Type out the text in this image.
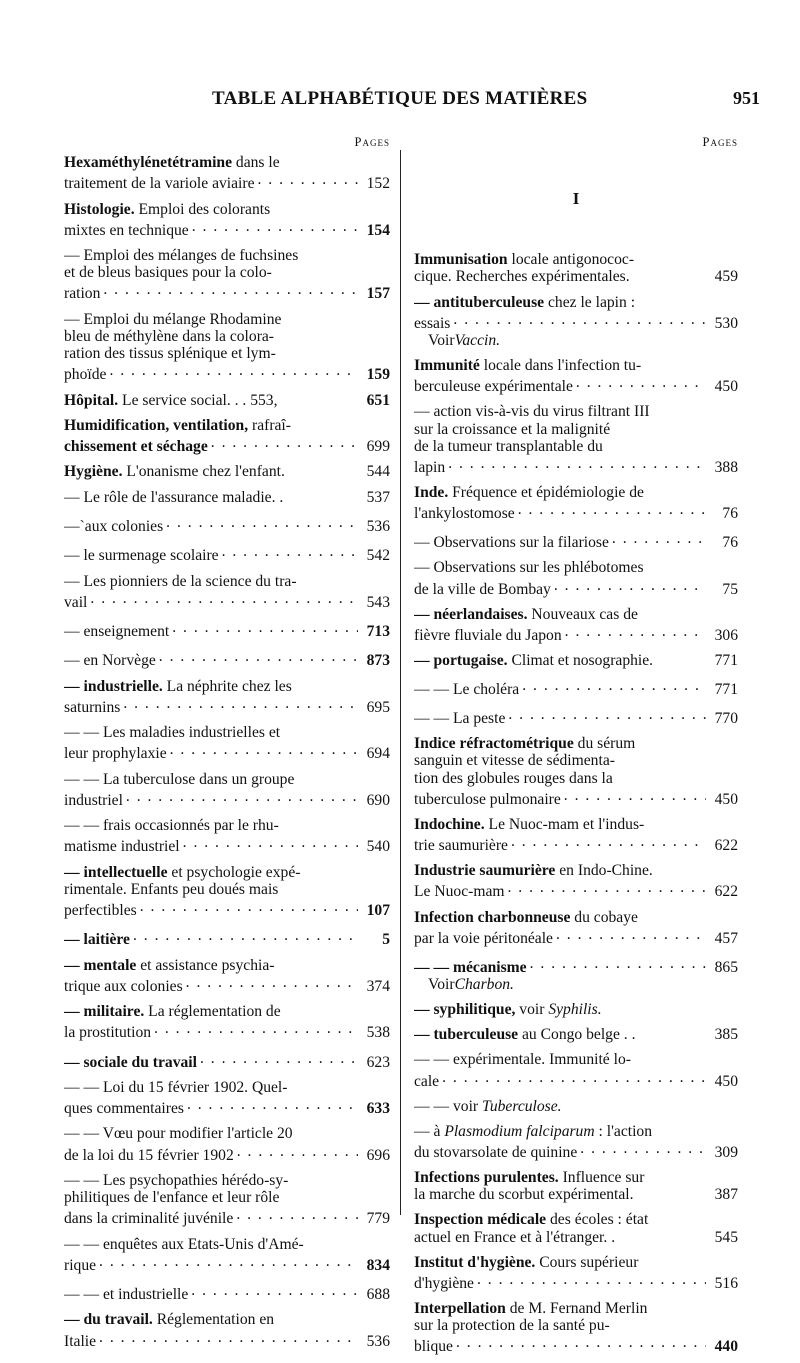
TABLE ALPHABÉTIQUE DES MATIÈRES	951
Pages
Hexaméthylénetétramine dans le
traitement de la variole aviaire . . .	152
Histologie. Emploi des colorants
mixtes en technique . . .	154
— Emploi des mélanges de fuchsines
et de bleus basiques pour la colo-
ration . . .	157
— Emploi du mélange Rhodamine
bleu de méthylène dans la colora-
ration des tissus splénique et lym-
phoïde . . .	159
Hôpital. Le service social. . . 553,	651
Humidification, ventilation, rafraî-
chissement et séchage . . .	699
Hygiène. L'onanisme chez l'enfant.	544
— Le rôle de l'assurance maladie. .	537
—`aux colonies . . .	536
— le surmenage scolaire . . .	542
— Les pionniers de la science du tra-
vail . . .	543
— enseignement . . .	713
— en Norvège . . .	873
— industrielle. La néphrite chez les
saturnins . . .	695
— — Les maladies industrielles et
leur prophylaxie . . .	694
— — La tuberculose dans un groupe
industriel . . .	690
— — frais occasionnés par le rhu-
matisme industriel . . .	540
— intellectuelle et psychologie expé-
rimentale. Enfants peu doués mais
perfectibles . . .	107
— laitière . . .	5
— mentale et assistance psychia-
trique aux colonies . . .	374
— militaire. La réglementation de
la prostitution . . .	538
— sociale du travail . . .	623
— — Loi du 15 février 1902. Quel-
ques commentaires . . .	633
— — Vœu pour modifier l'article 20
de la loi du 15 février 1902 . . .	696
— — Les psychopathies hérédo-sy-
philitiques de l'enfance et leur rôle
dans la criminalité juvénile . . .	779
— — enquêtes aux Etats-Unis d'Amé-
rique . . .	834
— — et industrielle . . .	688
— du travail. Réglementation en
Italie . . .	536
Pages
I
Immunisation locale antigonococ-
cique. Recherches expérimentales.	459
— antituberculeuse chez le lapin :
essais . . .	530
Voir Vaccin.
Immunité locale dans l'infection tu-
berculeuse expérimentale . . .	450
— action vis-à-vis du virus filtrant III
sur la croissance et la malignité
de la tumeur transplantable du
lapin . . .	388
Inde. Fréquence et épidémiologie de
l'ankylostomose . . .	76
— Observations sur la filariose . . .	76
— Observations sur les phlébotomes
de la ville de Bombay . . .	75
— néerlandaises. Nouveaux cas de
fièvre fluviale du Japon . . .	306
— portugaise. Climat et nosographie.	771
— — Le choléra . . .	771
— — La peste . . .	770
Indice réfractométrique du sérum
sanguin et vitesse de sédimenta-
tion des globules rouges dans la
tuberculose pulmonaire . . .	450
Indochine. Le Nuoc-mam et l'indus-
trie saumurière . . .	622
Industrie saumurière en Indo-Chine.
Le Nuoc-mam . . .	622
Infection charbonneuse du cobaye
par la voie péritonéale . . .	457
— — mécanisme . . .	865
Voir Charbon.
— syphilitique, voir Syphilis.
— tuberculeuse au Congo belge . .	385
— — expérimentale. Immunité lo-
cale . . .	450
— — voir Tuberculose.
— à Plasmodium falciparum : l'action
du stovarsolate de quinine . . .	309
Infections purulentes. Influence sur
la marche du scorbut expérimental.	387
Inspection médicale des écoles : état
actuel en France et à l'étranger. .	545
Institut d'hygiène. Cours supérieur
d'hygiène . . .	516
Interpellation de M. Fernand Merlin
sur la protection de la santé pu-
blique . . .	440
